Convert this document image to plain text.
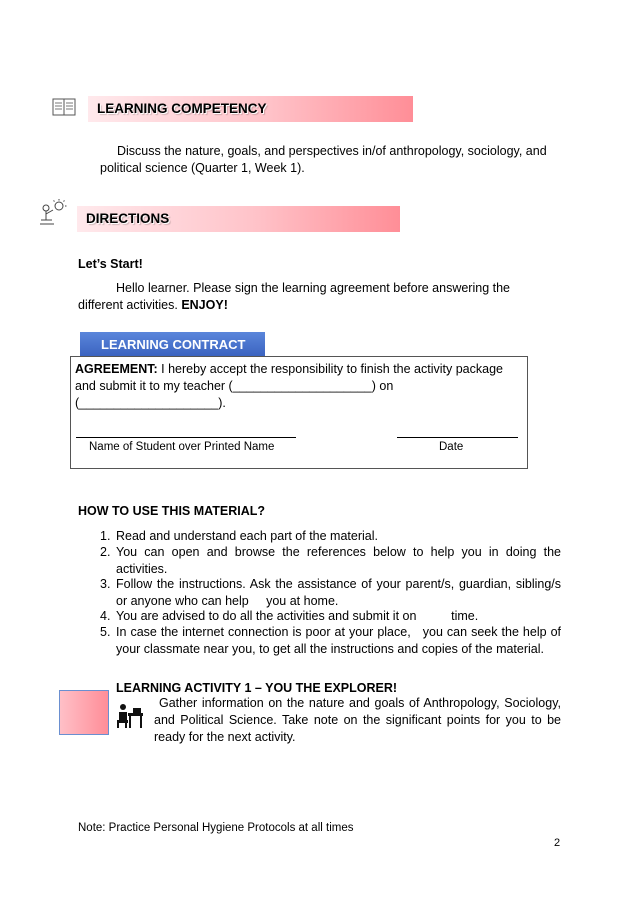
LEARNING COMPETENCY
Discuss the nature, goals, and perspectives in/of anthropology, sociology, and political science (Quarter 1, Week 1).
DIRECTIONS
Let’s Start!
Hello learner. Please sign the learning agreement before answering the different activities. ENJOY!
LEARNING CONTRACT
AGREEMENT: I hereby accept the responsibility to finish the activity package
and submit it to my teacher (____________________) on
(____________________).
Name of Student over Printed Name	Date
HOW TO USE THIS MATERIAL?
1. Read and understand each part of the material.
2. You can open and browse the references below to help you in doing the activities.
3. Follow the instructions. Ask the assistance of your parent/s, guardian, sibling/s or anyone who can help     you at home.
4. You are advised to do all the activities and submit it on          time.
5. In case the internet connection is poor at your place,   you can seek the help of your classmate near you, to get all the instructions and copies of the material.
LEARNING ACTIVITY 1 – YOU THE EXPLORER!
Gather information on the nature and goals of Anthropology, Sociology, and Political Science. Take note on the significant points for you to be ready for the next activity.
Note: Practice Personal Hygiene Protocols at all times
2
